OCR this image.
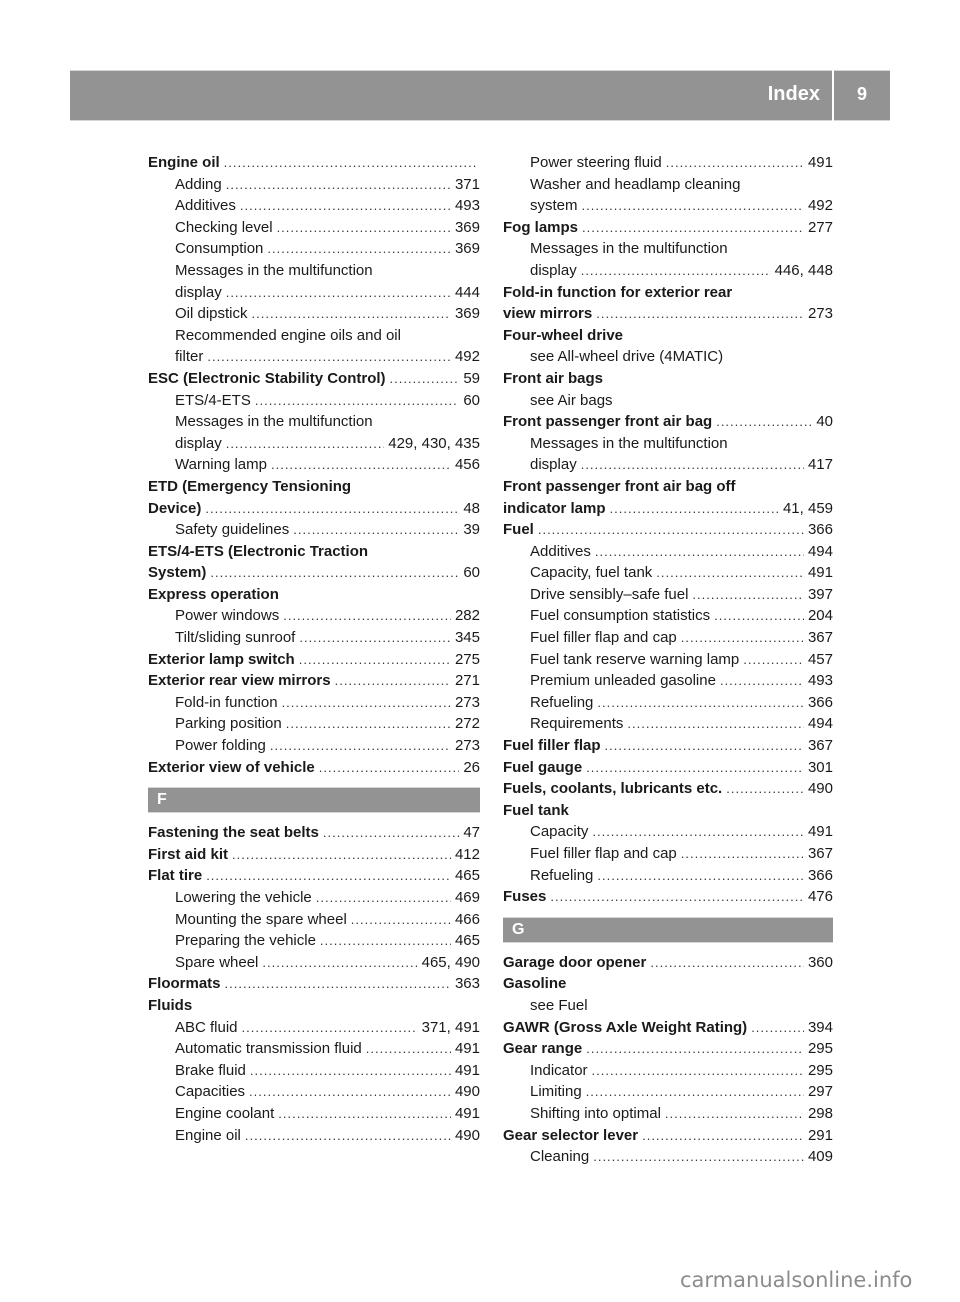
Index	9
Engine oil
.....
Adding .....	371
Additives .....	493
Checking level .....	369
Consumption .....	369
Messages in the multifunction
display .....	444
Oil dipstick .....	369
Recommended engine oils and oil
filter .....	492
ESC (Electronic Stability Control) .....	59
ETS/4-ETS .....	60
Messages in the multifunction
display .....	429, 430, 435
Warning lamp .....	456
ETD (Emergency Tensioning
Device) .....	48
Safety guidelines .....	39
ETS/4-ETS (Electronic Traction
System) .....	60
Express operation
Power windows .....	282
Tilt/sliding sunroof .....	345
Exterior lamp switch .....	275
Exterior rear view mirrors .....	271
Fold-in function .....	273
Parking position .....	272
Power folding .....	273
Exterior view of vehicle .....	26
F
Fastening the seat belts .....	47
First aid kit .....	412
Flat tire .....	465
Lowering the vehicle .....	469
Mounting the spare wheel .....	466
Preparing the vehicle .....	465
Spare wheel .....	465, 490
Floormats .....	363
Fluids
ABC fluid .....	371, 491
Automatic transmission fluid .....	491
Brake fluid .....	491
Capacities .....	490
Engine coolant .....	491
Engine oil .....	490
Power steering fluid .....	491
Washer and headlamp cleaning
system .....	492
Fog lamps .....	277
Messages in the multifunction
display .....	446, 448
Fold-in function for exterior rear
view mirrors .....	273
Four-wheel drive
see All-wheel drive (4MATIC)
Front air bags
see Air bags
Front passenger front air bag .....	40
Messages in the multifunction
display .....	417
Front passenger front air bag off
indicator lamp .....	41, 459
Fuel .....	366
Additives .....	494
Capacity, fuel tank .....	491
Drive sensibly–safe fuel .....	397
Fuel consumption statistics .....	204
Fuel filler flap and cap .....	367
Fuel tank reserve warning lamp .....	457
Premium unleaded gasoline .....	493
Refueling .....	366
Requirements .....	494
Fuel filler flap .....	367
Fuel gauge .....	301
Fuels, coolants, lubricants etc. .....	490
Fuel tank
Capacity .....	491
Fuel filler flap and cap .....	367
Refueling .....	366
Fuses .....	476
G
Garage door opener .....	360
Gasoline
see Fuel
GAWR (Gross Axle Weight Rating) .....	394
Gear range .....	295
Indicator .....	295
Limiting .....	297
Shifting into optimal .....	298
Gear selector lever .....	291
Cleaning .....	409
carmanualsonline.info
